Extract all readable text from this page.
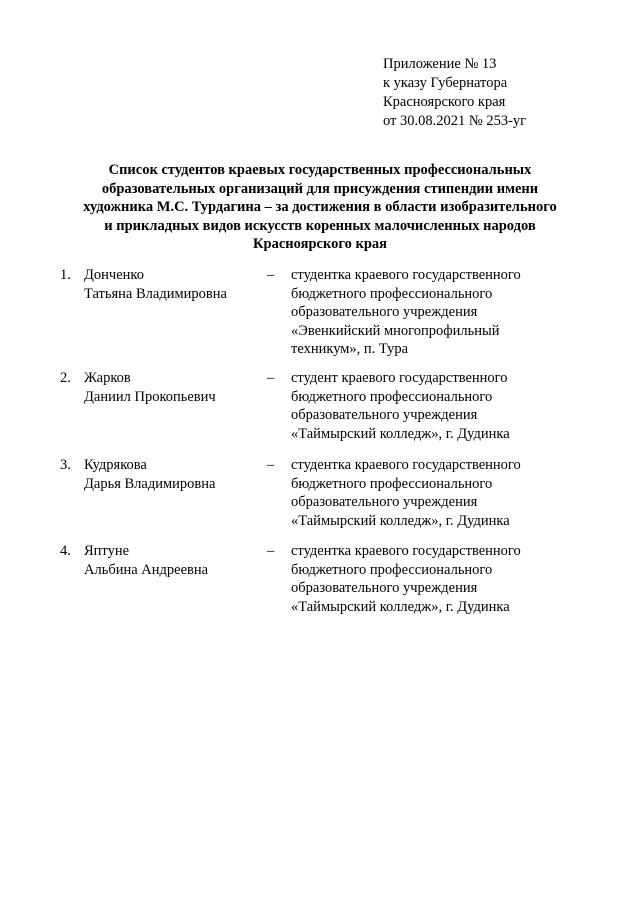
Приложение № 13
к указу Губернатора
Красноярского края
от 30.08.2021 № 253-уг
Список студентов краевых государственных профессиональных
образовательных организаций для присуждения стипендии имени
художника М.С. Турдагина – за достижения в области изобразительного
и прикладных видов искусств коренных малочисленных народов
Красноярского края
1. Донченко
Татьяна Владимировна
– студентка краевого государственного
бюджетного профессионального
образовательного учреждения
«Эвенкийский многопрофильный
техникум», п. Тура
2. Жарков
Даниил Прокопьевич
– студент краевого государственного
бюджетного профессионального
образовательного учреждения
«Таймырский колледж», г. Дудинка
3. Кудрякова
Дарья Владимировна
– студентка краевого государственного
бюджетного профессионального
образовательного учреждения
«Таймырский колледж», г. Дудинка
4. Яптуне
Альбина Андреевна
– студентка краевого государственного
бюджетного профессионального
образовательного учреждения
«Таймырский колледж», г. Дудинка
